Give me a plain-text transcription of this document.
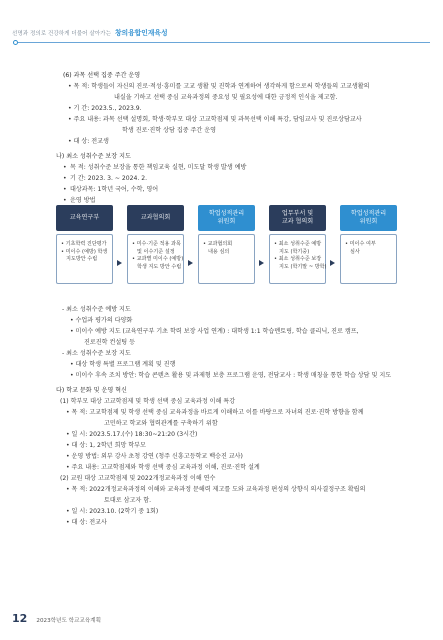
선명과 정의로 건강하게 더불어 살아가는 창의융합인재육성
(6) 과목 선택 집중 주간 운영
• 목 적: 학생들이 자신의 진로·적성·흥미를 고교 생활 및 진학과 연계하여 생각하게 함으로써 학생들의 고교생활의
내실을 기하고 선택 중심 교육과정의 중요성 및 필요성에 대한 긍정적 인식을 제고함.
• 기 간: 2023.5., 2023.9.
• 주요 내용: 과목 선택 설명회, 학생·학부모 대상 고교학점제 및 과목선택 이해 특강, 담임교사 및 진로상담교사
학생 진로·진학 상담 집중 주간 운영
• 대 상: 전교생
나) 최소 성취수준 보장 지도
• 목 적: 성취수준 보장을 통한 책임교육 실현, 미도달 학생 발생 예방
• 기 간: 2023. 3. ~ 2024. 2.
• 대상과목: 1학년 국어, 수학, 영어
• 운영 방법
교육연구부
• 기초학력 진단평가
• 미이수 (예방) 학생
지도방안 수립
교과협의회
• 미수·기준 적용 과목
및 이수기준 설정
• 교과별 미이수 (예방)
학생 지도 방안 수립
학업성적관리
위원회
• 교과협의회
내용 심의
업무부서 및
교과 협의회
• 최소 성취수준 예방
지도 (학기중)
• 최소 성취수준 보장
지도 (학기말 ~ 방학)
학업성적관리
위원회
• 미이수 여부
심사
- 최소 성취수준 예방 지도
• 수업과 평가의 다양화
• 미이수 예방 지도 (교육연구부 기초 학력 보장 사업 연계) : 대학생 1:1 학습멘토링, 학습 클리닉, 진로 캠프,
진로진학 컨설팅 등
- 최소 성취수준 보장 지도
• 대상 학생 특별 프로그램 계획 및 진행
• 미이수 후속 조치 방안: 학습 콘텐츠 활용 및 과제형 보충 프로그램 운영, 전담교사 : 학생 매칭을 통한 학습 상담 및 지도
다) 학교 문화 및 운영 혁신
(1) 학부모 대상 고교학점제 및 학생 선택 중심 교육과정 이해 특강
• 목 적: 고교학점제 및 학생 선택 중심 교육과정을 바르게 이해하고 이를 바탕으로 자녀의 진로·진학 방향을 함께
고민하고 학교와 협력관계를 구축하기 위함
• 일 시: 2023.5.17.(수) 18:30~21:20 (3시간)
• 대 상: 1, 2학년 희망 학부모
• 운영 방법: 외부 강사 초청 강연 (청주 신흥고등학교 백승진 교사)
• 주요 내용: 고교학점제와 학생 선택 중심 교육과정 이해, 진로·진학 설계
(2) 교원 대상 고교학점제 및 2022개정교육과정 이해 연수
• 목 적: 2022개정교육과정의 이해와 교육과정 문해력 제고를 도와 교육과정 편성의 상향식 의사결정구조 확립의
토대로 삼고자 함.
• 일 시: 2023.10. (2학기 중 1회)
• 대 상: 전교사
12 2023학년도 학교교육계획
